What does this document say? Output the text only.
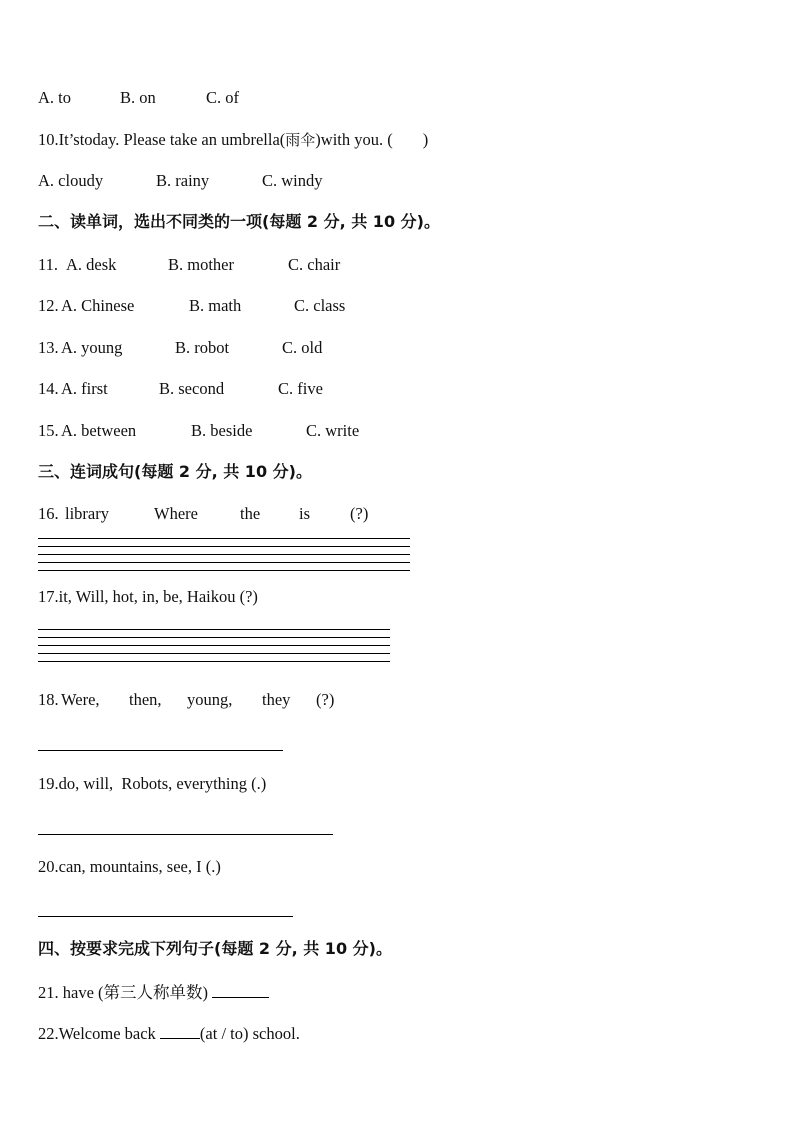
A. to	B. on	C. of
10.It’stoday. Please take an umbrella(雨伞)with you. ( )
A. cloudy	B. rainy	C. windy
二、读单词，选出不同类的一项(每题 2 分, 共 10 分)。
11. A. desk	B. mother	C. chair
12. A. Chinese	B. math	C. class
13. A. young	B. robot	C. old
14. A. first	B. second	C. five
15. A. between	B. beside	C. write
三、连词成句(每题 2 分, 共 10 分)。
16. library	Where	the is (?)
17.it, Will, hot, in, be, Haikou (?)
18. Were, then, young, they (?)
19.do, will,  Robots, everything (.)
20.can, mountains, see, I (.)
四、按要求完成下列句子(每题 2 分, 共 10 分)。
21. have (第三人称单数)
22.Welcome back (at / to) school.
